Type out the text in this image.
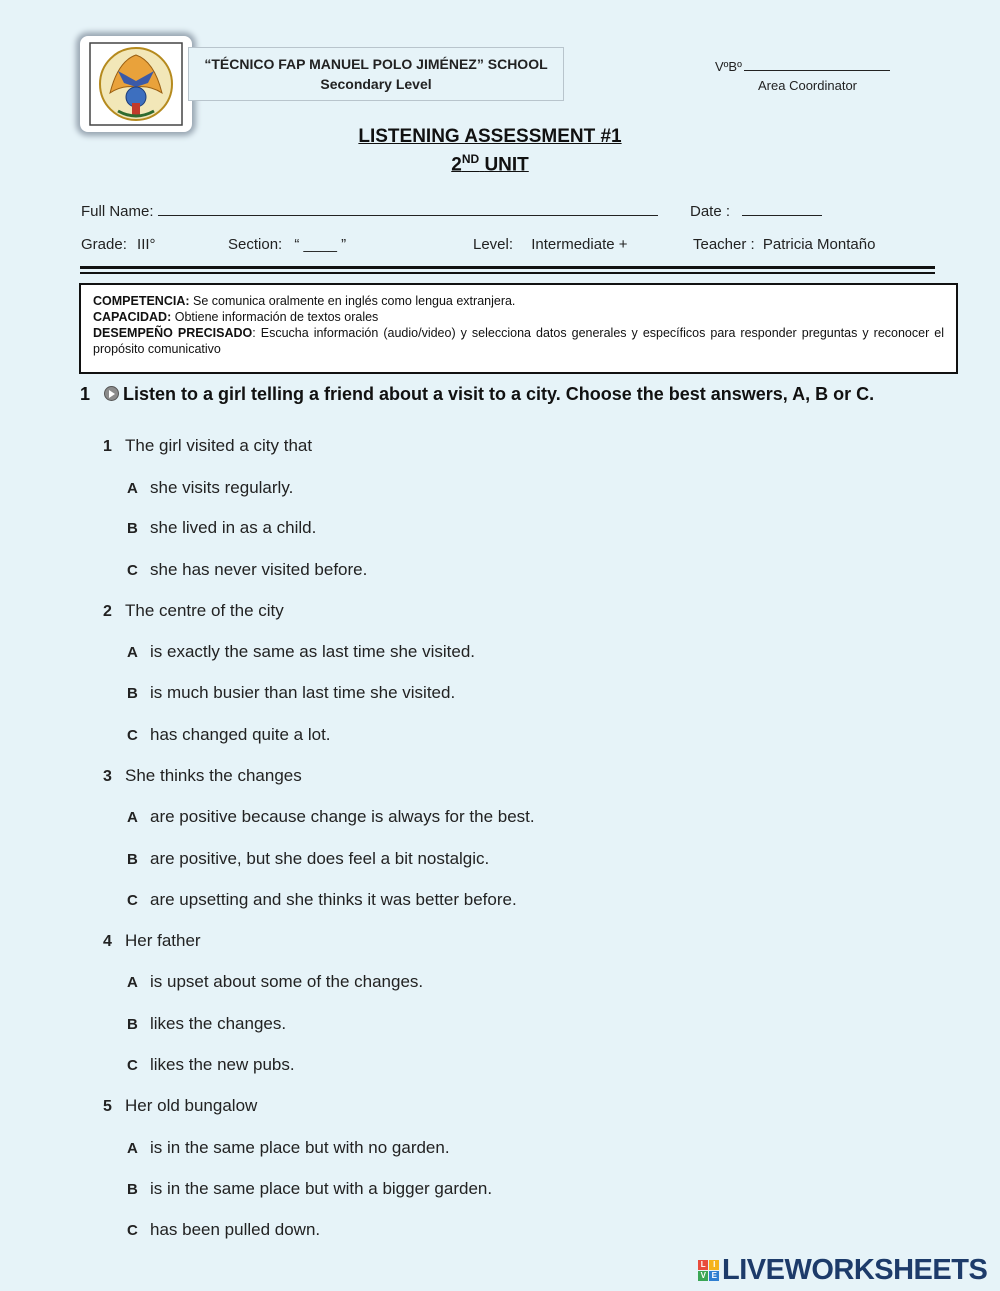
“TÉCNICO FAP MANUEL POLO JIMÉNEZ” SCHOOL
Secondary Level
VºBº
Area Coordinator
LISTENING ASSESSMENT #1
2ND UNIT
Full Name:	Date :
Grade: III°	Section: “ ____ ”	Level: Intermediate +	Teacher : Patricia Montaño
COMPETENCIA: Se comunica oralmente en inglés como lengua extranjera.
CAPACIDAD: Obtiene información de textos orales
DESEMPEÑO PRECISADO: Escucha información (audio/video) y selecciona datos generales y específicos para responder preguntas y reconocer el propósito comunicativo
1	Listen to a girl telling a friend about a visit to a city. Choose the best answers, A, B or C.
1 The girl visited a city that
A she visits regularly.
B she lived in as a child.
C she has never visited before.
2 The centre of the city
A is exactly the same as last time she visited.
B is much busier than last time she visited.
C has changed quite a lot.
3 She thinks the changes
A are positive because change is always for the best.
B are positive, but she does feel a bit nostalgic.
C are upsetting and she thinks it was better before.
4 Her father
A is upset about some of the changes.
B likes the changes.
C likes the new pubs.
5 Her old bungalow
A is in the same place but with no garden.
B is in the same place but with a bigger garden.
C has been pulled down.
L I
V E LIVEWORKSHEETS
